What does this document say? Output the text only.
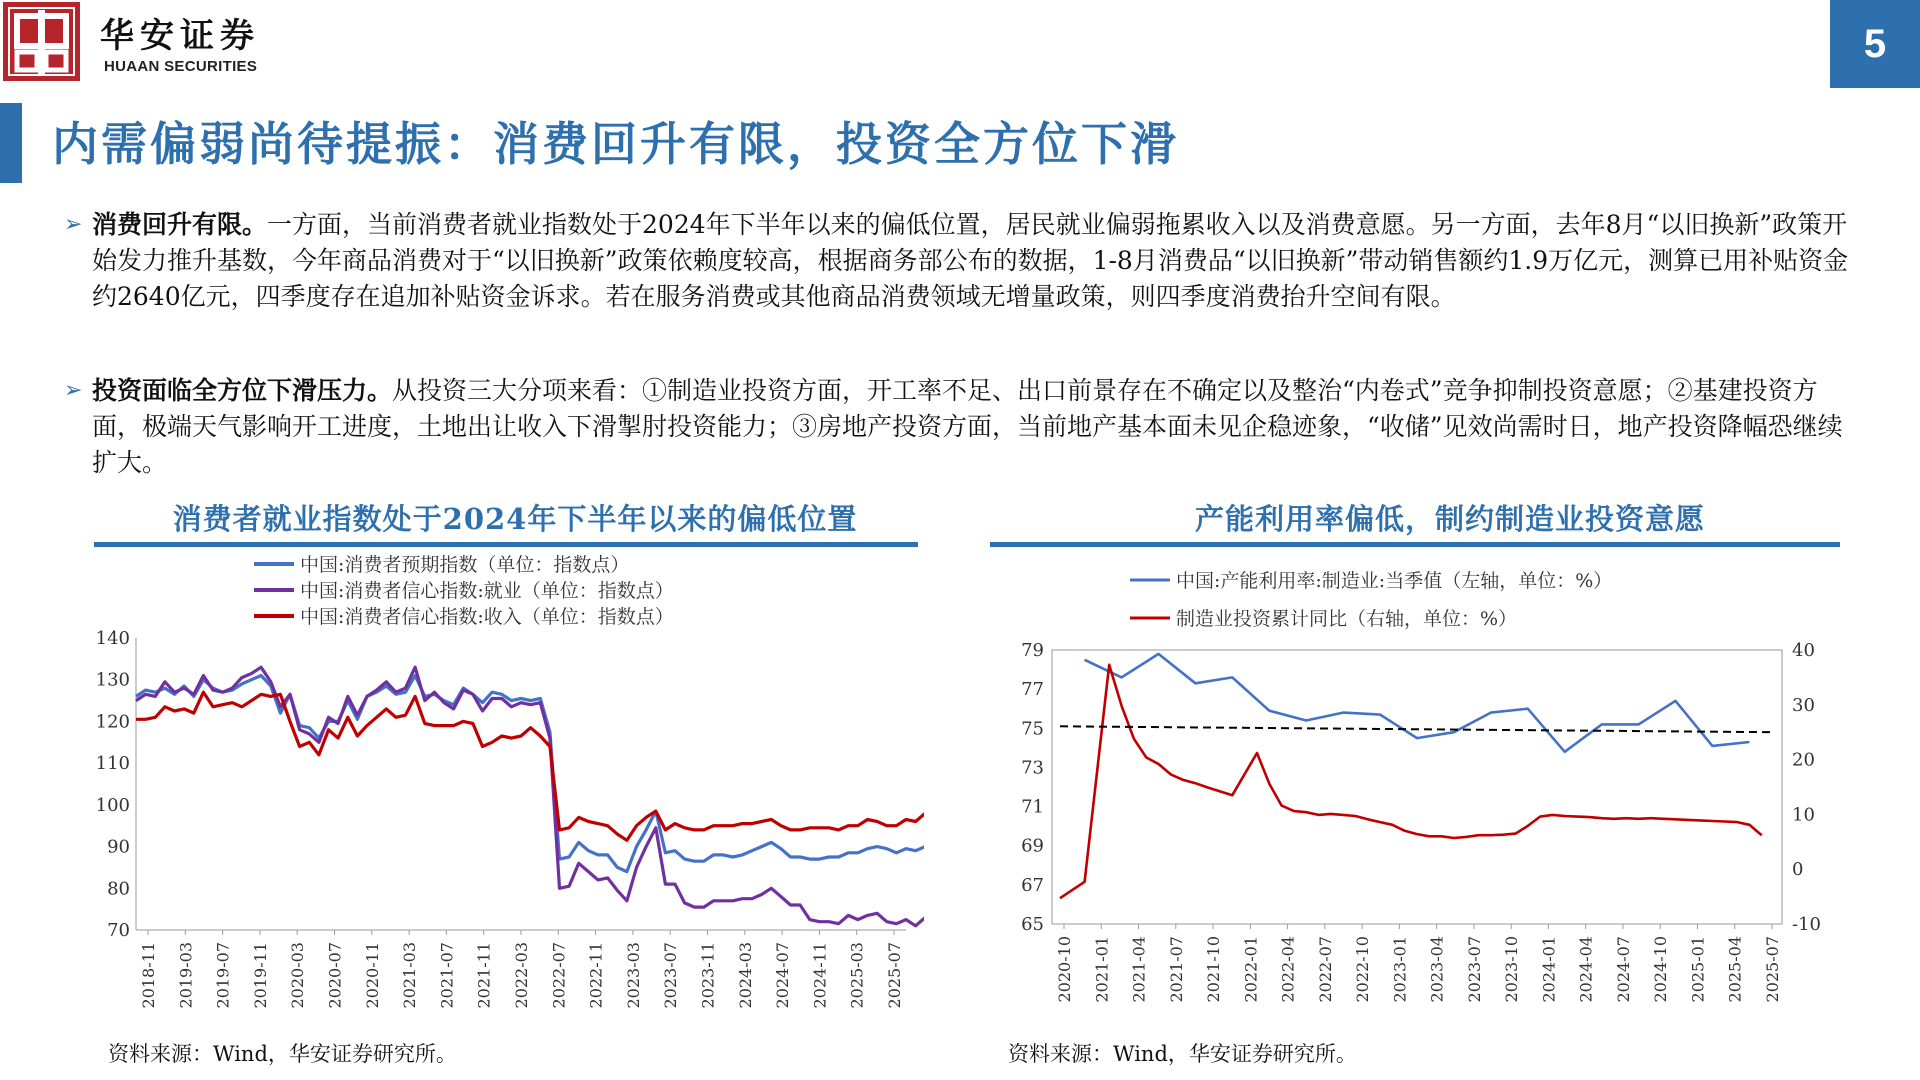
华安证券
HUAAN SECURITIES
5
内需偏弱尚待提振：消费回升有限，投资全方位下滑
➢ 消费回升有限。一方面，当前消费者就业指数处于2024年下半年以来的偏低位置，居民就业偏弱拖累收入以及消费意愿。另一方面，去年8月“以旧换新”政策开始发力推升基数，今年商品消费对于“以旧换新”政策依赖度较高，根据商务部公布的数据，1-8月消费品“以旧换新”带动销售额约1.9万亿元，测算已用补贴资金约2640亿元，四季度存在追加补贴资金诉求。若在服务消费或其他商品消费领域无增量政策，则四季度消费抬升空间有限。
➢ 投资面临全方位下滑压力。从投资三大分项来看：①制造业投资方面，开工率不足、出口前景存在不确定以及整治“内卷式”竞争抑制投资意愿；②基建投资方面，极端天气影响开工进度，土地出让收入下滑掣肘投资能力；③房地产投资方面，当前地产基本面未见企稳迹象，“收储”见效尚需时日，地产投资降幅恐继续扩大。
消费者就业指数处于2024年下半年以来的偏低位置
中国:消费者预期指数（单位：指数点）
中国:消费者信心指数:就业（单位：指数点）
中国:消费者信心指数:收入（单位：指数点）
140
130
120
110
100
90
80
70
2018-11 2019-03 2019-07 2019-11 2020-03 2020-07 2020-11 2021-03 2021-07 2021-11 2022-03 2022-07 2022-11 2023-03 2023-07 2023-11 2024-03 2024-07 2024-11 2025-03 2025-07
资料来源：Wind，华安证券研究所。
产能利用率偏低，制约制造业投资意愿
中国:产能利用率:制造业:当季值（左轴，单位：%）
制造业投资累计同比（右轴，单位：%）
79
77
75
73
71
69
67
65
40
30
20
10
0
-10
2020-10 2021-01 2021-04 2021-07 2021-10 2022-01 2022-04 2022-07 2022-10 2023-01 2023-04 2023-07 2023-10 2024-01 2024-04 2024-07 2024-10 2025-01 2025-04 2025-07
资料来源：Wind，华安证券研究所。
